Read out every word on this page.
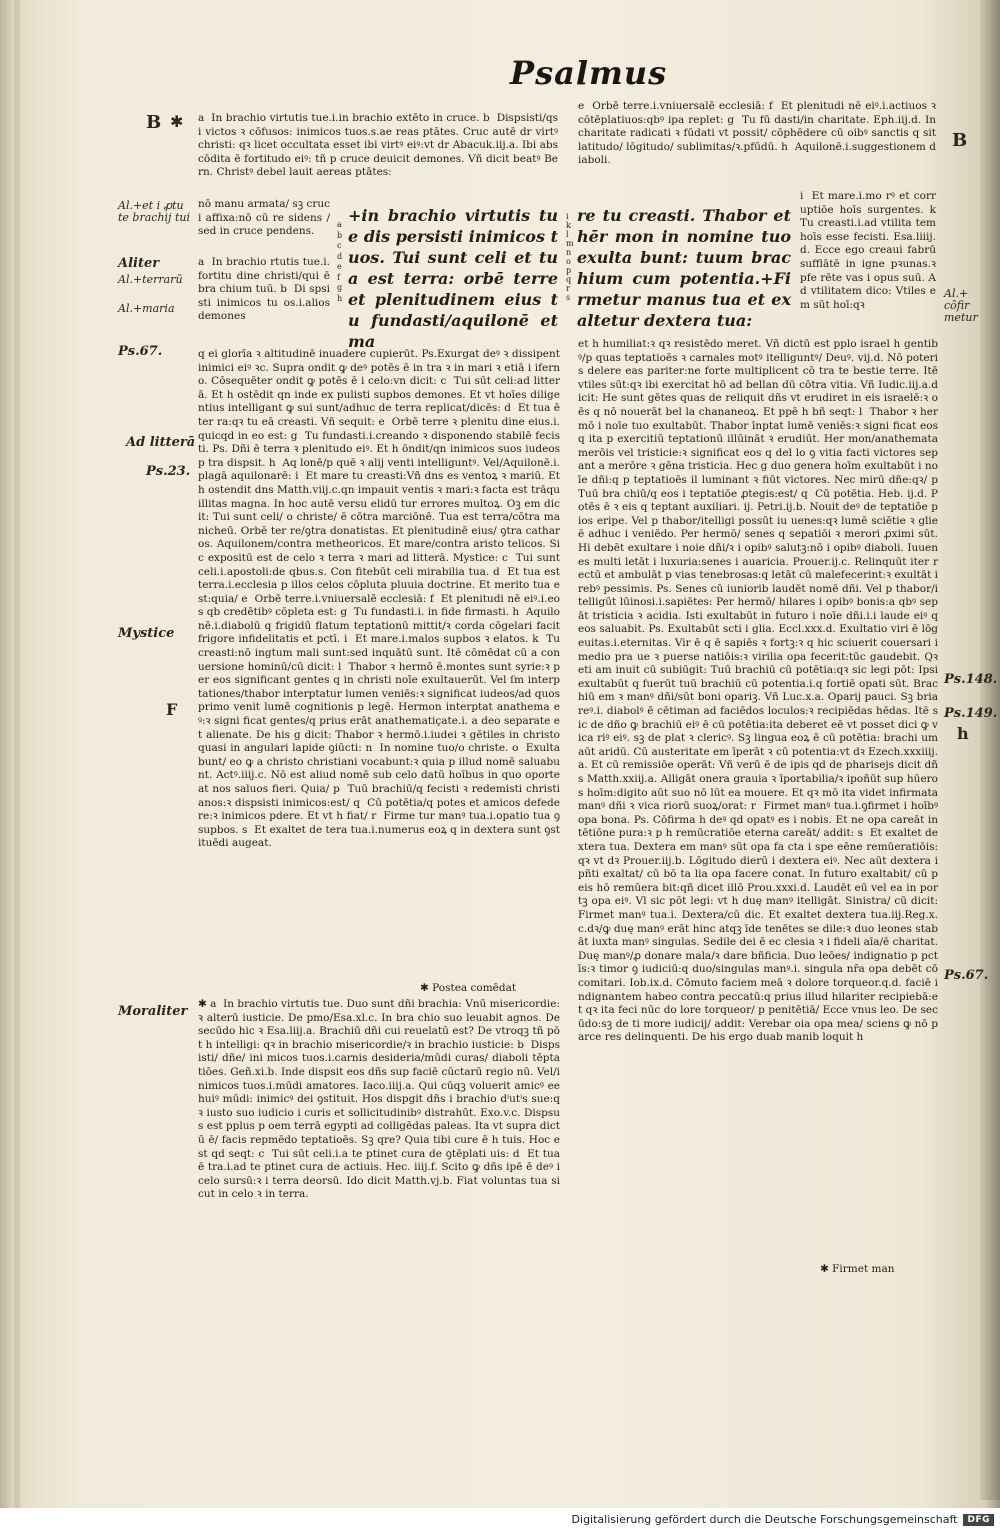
Psalmus
B ✱
F
B
h
Al.+et i ꝓtu te brachij tui
Aliter
Al.+terrarū
Al.+maria
Ps.67.
Ad litterā
Ps.23.
Mystice
Moraliter
Al.+ cōfir metur
Ps.148.
Ps.149.
Ps.67.
a  In brachio virtutis tue.i.in brachio extēto in cruce. b  Dispsisti/qsi victos ꝛ cōfusos: inimicos tuos.s.ae reas ptātes. Cruc autē dr virtꝰ christi: qꝛ licet occultata esset ibi virtꝰ eiꝰ:vt dr Abacuk.iij.a. Ibi abscōdita ē fortitudo eiꝰ: tñ p cruce deuicit demones. Vñ dicit beatꝰ Bern. Christꝰ debel lauit aereas ptātes:
nō manu armata/ sꝫ cruci affixa:nō cū re sidens / sed in cruce pendens.
a  In brachio rtutis tue.i.fortitu dine christi/qui ē bra chium tuū. b  Di spsisti inimicos tu os.i.alios demones
a
b
c
d
e
f
g
h
+in brachio virtutis tue dis persisti inimicos tuos. Tui sunt celi et tua est terra: orbē terre et plenitudinem eius tu fundasti/aquilonē et ma
i
k
l
m
n
o
p
q
r
s
re tu creasti. Thabor et hēr mon in nomine tuo exulta bunt: tuum brachium cum potentia.+Firmetur manus tua et exaltetur dextera tua:
q ei glorīa ꝛ altitudinē inuadere cupierūt. Ps.Exurgat deꝰ ꝛ dissipent inimici eiꝰ ꝛc. Supra ondit ꝙ deꝰ potēs ē in tra ꝛ in mari ꝛ etiā i iferno. Cōsequēter ondit ꝙ potēs ē i celo:vn dicit: c  Tui sūt celi:ad litterā. Et h ostēdit qn inde ex pulisti supbos demones. Et vt hoīes diligentius intelligant ꝙ sui sunt/adhuc de terra replicat/dicēs: d  Et tua ē ter ra:qꝛ tu eā creasti. Vñ sequit: e  Orbē terre ꝛ plenitu dine eius.i.quicqd in eo est: g  Tu fundasti.i.creando ꝛ disponendo stabilē fecisti. Ps. Dñi ē terra ꝛ plenitudo eiꝰ. Et h ōndit/qn inimicos suos iudeos p tra dispsit. h  Aq lonē/p quē ꝛ alij venti intelliguntꝰ. Vel/Aquilonē.i.plagā aquilonarē: i  Et mare tu creasti:Vñ dns es ventoꝝ ꝛ mariū. Et h ostendit dns Matth.viij.c.qn impauit ventis ꝛ mari:ꝛ facta est trāquillitas magna. In hoc autē versu elidū tur errores multoꝝ. Oꝫ em dicit: Tui sunt celi/ o christe/ ē cōtra marciōnē. Tua est terra/cōtra manicheū. Orbē ter re/ꝯtra donatistas. Et plenitudinē eius/ ꝯtra catharos. Aquilonem/contra metheoricos. Et mare/contra aristo telicos. Sic expositū est de celo ꝛ terra ꝛ mari ad litterā. Mystice: c  Tui sunt celi.i.apostoli:de qbus.s. Con fitebūt celi mirabilia tua. d  Et tua est terra.i.ecclesia p illos celos cōpluta pluuia doctrine. Et merito tua est:quia/ e  Orbē terre.i.vniuersalē ecclesiā: f  Et plenitudi nē eiꝰ.i.eos qb credētibꝰ cōpleta est: g  Tu fundasti.i. in fide firmasti. h  Aquilonē.i.diabolū q frigidū flatum teptationū mittit/ꝛ corda cōgelari facit frigore infidelitatis et pctī. i  Et mare.i.malos supbos ꝛ elatos. k  Tu creasti:nō ingtum mali sunt:sed inquātū sunt. Itē cōmēdat cū a conuersione hominū/cū dicit: l  Thabor ꝛ hermō ē.montes sunt syrie:ꝛ per eos significant gentes q in christi noīe exultauerūt. Vel ſm interptationes/thabor interptatur lumen veniēs:ꝛ significat iudeos/ad quos primo venit lumē cognitionis p legē. Hermon interptat anathema eꝰ:ꝛ signi ficat gentes/q prius erāt anathematiçate.i. a deo separate et alienate. De his g dicit: Thabor ꝛ hermō.i.iudei ꝛ gētiles in christo quasi in angulari lapide ꝯiūcti: n  In nomine tuo/o christe. o  Exultabunt/ eo ꝙ a christo christiani vocabunt:ꝛ quia p illud nomē saluabunt. Actꝰ.iiij.c. Nō est aliud nomē sub celo datū hoībus in quo oporteat nos saluos fieri. Quia/ p  Tuū brachiū/q fecisti ꝛ redemisti christi anos:ꝛ dispsisti inimicos:est/ q  Cū potētia/q potes et amicos defedere:ꝛ inimicos pdere. Et vt h fiat/ r  Firme tur manꝰ tua.i.opatio tua ꝯ supbos. s  Et exaltet de tera tua.i.numerus eoꝝ q in dextera sunt ꝯstituēdi augeat.
✱ Postea comēdat
✱ a  In brachio virtutis tue. Duo sunt dñi brachia: Vnū misericordie:ꝛ alterū iusticie. De pmo/Esa.xl.c. In bra chio suo leuabit agnos. De secūdo hic ꝛ Esa.liij.a. Brachiū dñi cui reuelatū est? De vtroqꝫ tñ pōt h intelligi: qꝛ in brachio misericordie/ꝛ in brachio iusticie: b  Dispsisti/ dñe/ ini micos tuos.i.carnis desideria/mūdi curas/ diaboli tēpta tiōes. Geñ.xi.b. Inde dispsit eos dñs sup faciē cūctarū regio nū. Vel/inimicos tuos.i.mūdi amatores. Iaco.iiij.a. Qui cūqꝫ voluerit amicꝰ ee huiꝰ mūdi: inimicꝰ dei ꝯstituit. Hos dispgit dñs i brachio dⁱutⁱs sue:qꝛ iusto suo iudicio i curis et sollicitudinibꝰ distrahūt. Exo.v.c. Dispsus est pplus p oem terrā egypti ad colligēdas paleas. Ita vt supra dictū ē/ facis repmēdo teptatioēs. Sꝫ qre? Quia tibi cure ē h tuis. Hoc est qd seqt: c  Tui sūt celi.i.a te ptinet cura de ꝯtēplati uis: d  Et tua ē tra.i.ad te ptinet cura de actiuis. Hec. iiij.f. Scito ꝙ dñs ipē ē deꝰ i celo sursū:ꝛ i terra deorsū. Ido dicit Matth.vj.b. Fiat voluntas tua sicut in celo ꝛ in terra.
e  Orbē terre.i.vniuersalē ecclesiā: f  Et plenitudi nē eiꝰ.i.actiuos ꝛ cōtēplatiuos:qbꝰ ipa replet: g  Tu fū dasti/in charitate. Eph.iij.d. In charitate radicati ꝛ fūdati vt possit/ cōphēdere cū oibꝰ sanctis q sit latitudo/ lōgitudo/ sublimitas/ꝛ.pfūdū. h  Aquilonē.i.suggestionem diaboli.
i  Et mare.i.mo rꝰ et corruptiōe hoīs surgentes. k  Tu creasti.i.ad vtilita tem hoīs esse fecisti. Esa.liiij.d. Ecce ego creaui fabrū sufflātē in igne pꝛunas.ꝛ pfe rēte vas i opus suū. Ad vtilitatem dico: Vtiles em sūt hoī:qꝛ
et h humiliat:ꝛ qꝛ resistēdo meret. Vñ dictū est pplo israel h gentibꝰ/p quas teptatioēs ꝛ carnales motꝰ itelliguntꝰ/ Deuꝰ. vij.d. Nō poteris delere eas pariter:ne forte multiplicent cō tra te bestie terre. Itē vtiles sūt:qꝛ ibi exercitat hō ad bellan dū cōtra vitia. Vñ Iudic.iij.a.dicit: He sunt gētes quas de reliquit dñs vt erudiret in eis israelē:ꝛ oēs q nō nouerāt bel la chananeoꝝ. Et ppē h bñ seqt: l  Thabor ꝛ hermō i noīe tuo exultabūt. Thabor īnptat lumē veniēs:ꝛ signi ficat eos q ita p exercitiū teptationū illūināt ꝛ erudiūt. Her mon/anathemata merōis vel tristicie:ꝛ significat eos q del lo ꝯ vitia facti victores sepant a merōre ꝛ gēna tristicia. Hec g duo genera hoīm exultabūt i noīe dñi:q p teptatioēs il luminant ꝛ fiūt victores. Nec mirū dñe:qꝛ/ p  Tuū bra chiū/q eos i teptatiōe ꝓtegis:est/ q  Cū potētia. Heb. ij.d. Potēs ē ꝛ eis q teptant auxiliari. ij. Petri.ij.b. Nouit deꝰ de teptatiōe pios eripe. Vel p thabor/itelligi possūt iu uenes:qꝛ lumē sciētie ꝛ glie ē adhuc i veniēdo. Per hermō/ senes q sepatiōi ꝛ merori ꝓximi sūt. Hi debēt exultare i noie dñi/ꝛ i opibꝰ salutꝫ:nō i opibꝰ diaboli. Iuuenes multi letāt i luxuria:senes i auaricia. Prouer.ij.c. Relinquūt iter rectū et ambulāt p vias tenebrosas:q letāt cū malefecerint:ꝛ exultāt i rebꝰ pessimis. Ps. Senes cū iuniorib laudēt nomē dñi. Vel p thabor/itelligūt lūinosi.i.sapiētes: Per hermō/ hilares i opibꝰ bonis:a qbꝰ sepāt tristicia ꝛ acidia. Isti exultabūt in futuro i noīe dñi.i.i laude eiꝰ q eos saluabit. Ps. Exultabūt scti i glia. Eccl.xxx.d. Exultatio viri ē lōgeuitas.i.eternitas. Vir ē q ē sapiēs ꝛ fortꝫ:ꝛ q hic sciuerit couersari i medio pra ue ꝛ puerse natiōis:ꝛ virilia opa fecerit:tūc gaudebit. Qꝛ eti am inuit cū subiūgit: Tuū brachiū cū potētia:qꝛ sic legi pōt: Ipsi exultabūt q fuerūt tuū brachiū cū potentia.i.q fortiē opati sūt. Brachiū em ꝛ manꝰ dñi/sūt boni opariꝫ. Vñ Luc.x.a. Oparij pauci. Sꝫ briareꝰ.i. diabolꝰ ē cētiman ad faciēdos loculos:ꝛ recipiēdas hēdas. Itē sic de dño ꝙ brachiū eiꝰ ē cū potētia:ita deberet eē vt posset dici ꝙ vica riꝰ eiꝰ. sꝫ de plat ꝛ clericꝰ. Sꝫ lingua eoꝝ ē cū potētia: brachi um aūt aridū. Cū austeritate em īperāt ꝛ cū potentia:vt dꝛ Ezech.xxxiiij.a. Et cū remissiōe operāt: Vñ verū ē de ipis qd de pharisejs dicit dñs Matth.xxiij.a. Alligāt onera grauia ꝛ īportabilia/ꝛ ipoñūt sup hūeros hoīm:digito aūt suo nō lūt ea mouere. Et qꝛ mō ita videt infirmata manꝰ dñi ꝛ vica riorū suoꝝ/orat: r  Firmet manꝰ tua.i.ꝯfirmet i hoībꝰ opa bona. Ps. Cōfirma h deꝰ qd opatꝰ es i nobis. Et ne opa careāt intētiōne pura:ꝛ p h remūcratiōe eterna careāt/ addit: s  Et exaltet dextera tua. Dextera em manꝰ sūt opa fa cta i spe eēne remūeratiōis:qꝛ vt dꝛ Prouer.iij.b. Lōgitudo dierū i dextera eiꝰ. Nec aūt dextera i pñti exaltat/ cū bō ta lia opa facere conat. In futuro exaltabit/ cū p eis hō remūera bit:qñ dicet illō Prou.xxxi.d. Laudēt eū vel ea in portꝫ opa eiꝰ. Vl sic pōt legi: vt h duę manꝰ itelligāt. Sinistra/ cū dicit: Firmet manꝰ tua.i. Dextera/cū dic. Et exaltet dextera tua.iij.Reg.x.c.dꝛ/ꝙ duę manꝰ erāt hinc atqꝫ īde tenētes se dile:ꝛ duo leones stabāt iuxta manꝰ singulas. Sedile dei ē ec clesia ꝛ i fideli aīa/ē charitat. Duę manꝰ/ꝓ donare mala/ꝛ dare bñficia. Duo leōes/ indignatio p pctīs:ꝛ timor ꝯ iudiciū:q duo/singulas manꝰ.i. singula nr̄a opa debēt cōcomitari. Iob.ix.d. Cōmuto faciem meā ꝛ dolore torqueor.q.d. faciē indignantem habeo contra peccatū:q prius illud hilariter recipiebā:et qꝛ ita feci nūc do lore torqueor/ p penitētiā/ Ecce vnus leo. De secūdo:sꝫ de ti more iudicij/ addit: Verebar oia opa mea/ sciens ꝙ nō parce res delinquenti. De his ergo duab manib loquit h
✱ Firmet man
Digitalisierung gefördert durch die Deutsche Forschungsgemeinschaft	DFG
